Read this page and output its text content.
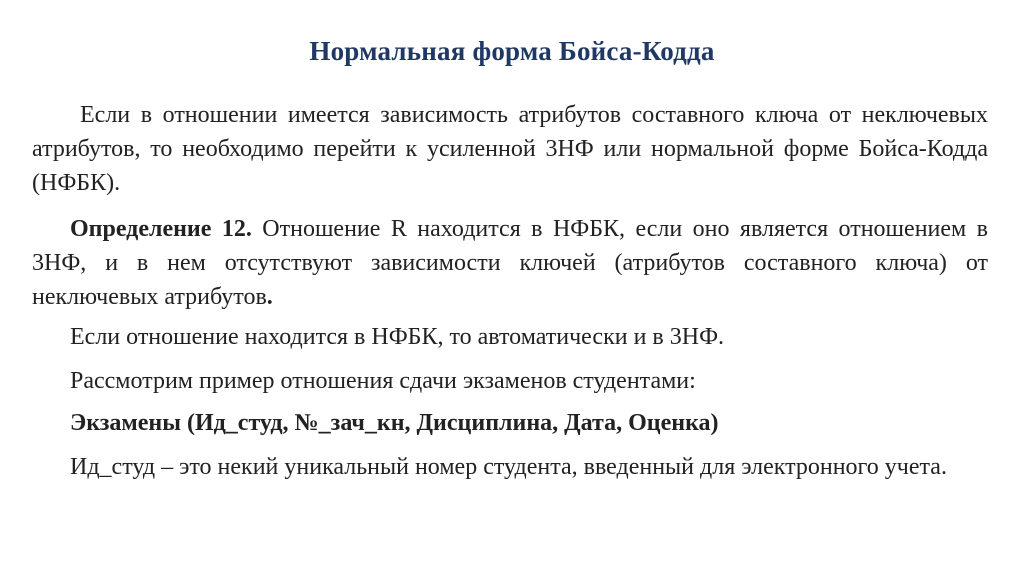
Нормальная форма Бойса-Кодда
Если в отношении имеется зависимость атрибутов составного ключа от неключевых атрибутов, то необходимо перейти к усиленной 3НФ или нормальной форме Бойса-Кодда (НФБК).
Определение 12. Отношение R находится в НФБК, если оно является отношением в 3НФ, и в нем отсутствуют зависимости ключей (атрибутов составного ключа) от неключевых атрибутов.
Если отношение находится в НФБК, то автоматически и в 3НФ.
Рассмотрим пример отношения сдачи экзаменов студентами:
Экзамены (Ид_студ, №_зач_кн, Дисциплина, Дата, Оценка)
Ид_студ – это некий уникальный номер студента, введенный для электронного учета.
